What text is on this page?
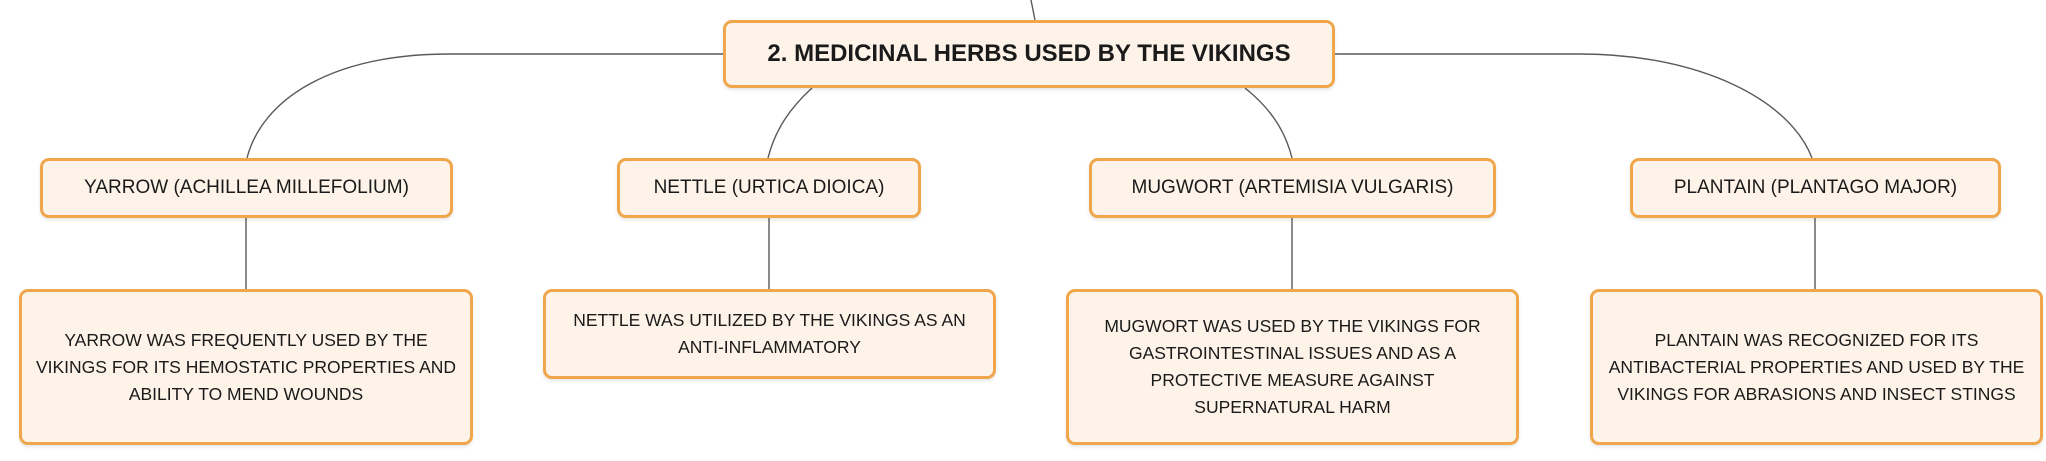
2. MEDICINAL HERBS USED BY THE VIKINGS
YARROW (ACHILLEA MILLEFOLIUM)	NETTLE (URTICA DIOICA)	MUGWORT (ARTEMISIA VULGARIS)	PLANTAIN (PLANTAGO MAJOR)
YARROW WAS FREQUENTLY USED BY THE VIKINGS FOR ITS HEMOSTATIC PROPERTIES AND ABILITY TO MEND WOUNDS
NETTLE WAS UTILIZED BY THE VIKINGS AS AN ANTI-INFLAMMATORY
MUGWORT WAS USED BY THE VIKINGS FOR GASTROINTESTINAL ISSUES AND AS A PROTECTIVE MEASURE AGAINST SUPERNATURAL HARM
PLANTAIN WAS RECOGNIZED FOR ITS ANTIBACTERIAL PROPERTIES AND USED BY THE VIKINGS FOR ABRASIONS AND INSECT STINGS
